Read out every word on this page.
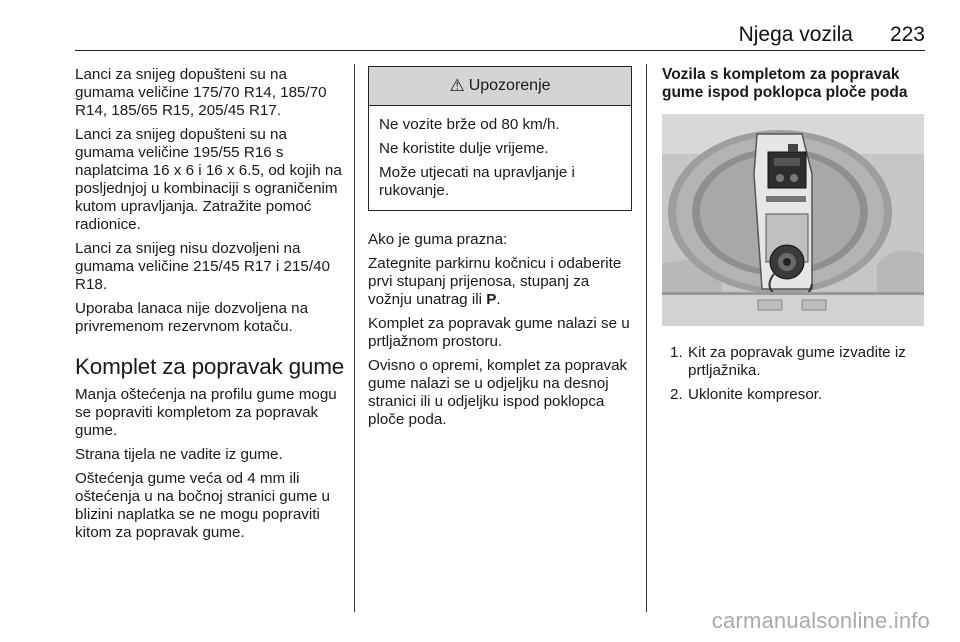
Njega vozila 223

Lanci za snijeg dopušteni su na gumama veličine 175/70 R14, 185/70 R14, 185/65 R15, 205/45 R17.

Lanci za snijeg dopušteni su na gumama veličine 195/55 R16 s naplatcima 16 x 6 i 16 x 6.5, od kojih na posljednjoj u kombinaciji s ograničenim kutom upravljanja. Zatražite pomoć radionice.

Lanci za snijeg nisu dozvoljeni na gumama veličine 215/45 R17 i 215/40 R18.

Uporaba lanaca nije dozvoljena na privremenom rezervnom kotaču.

Komplet za popravak gume

Manja oštećenja na profilu gume mogu se popraviti kompletom za popravak gume.

Strana tijela ne vadite iz gume.

Oštećenja gume veća od 4 mm ili oštećenja u na bočnoj stranici gume u blizini naplatka se ne mogu popraviti kitom za popravak gume.

⚠ Upozorenje

Ne vozite brže od 80 km/h.

Ne koristite dulje vrijeme.

Može utjecati na upravljanje i rukovanje.

Ako je guma prazna:

Zategnite parkirnu kočnicu i odaberite prvi stupanj prijenosa, stupanj za vožnju unatrag ili P.

Komplet za popravak gume nalazi se u prtljažnom prostoru.

Ovisno o opremi, komplet za popravak gume nalazi se u odjeljku na desnoj stranici ili u odjeljku ispod poklopca ploče poda.

Vozila s kompletom za popravak gume ispod poklopca ploče poda
1. Kit za popravak gume izvadite iz prtljažnika.
2. Uklonite kompresor.
carmanualsonline.info
